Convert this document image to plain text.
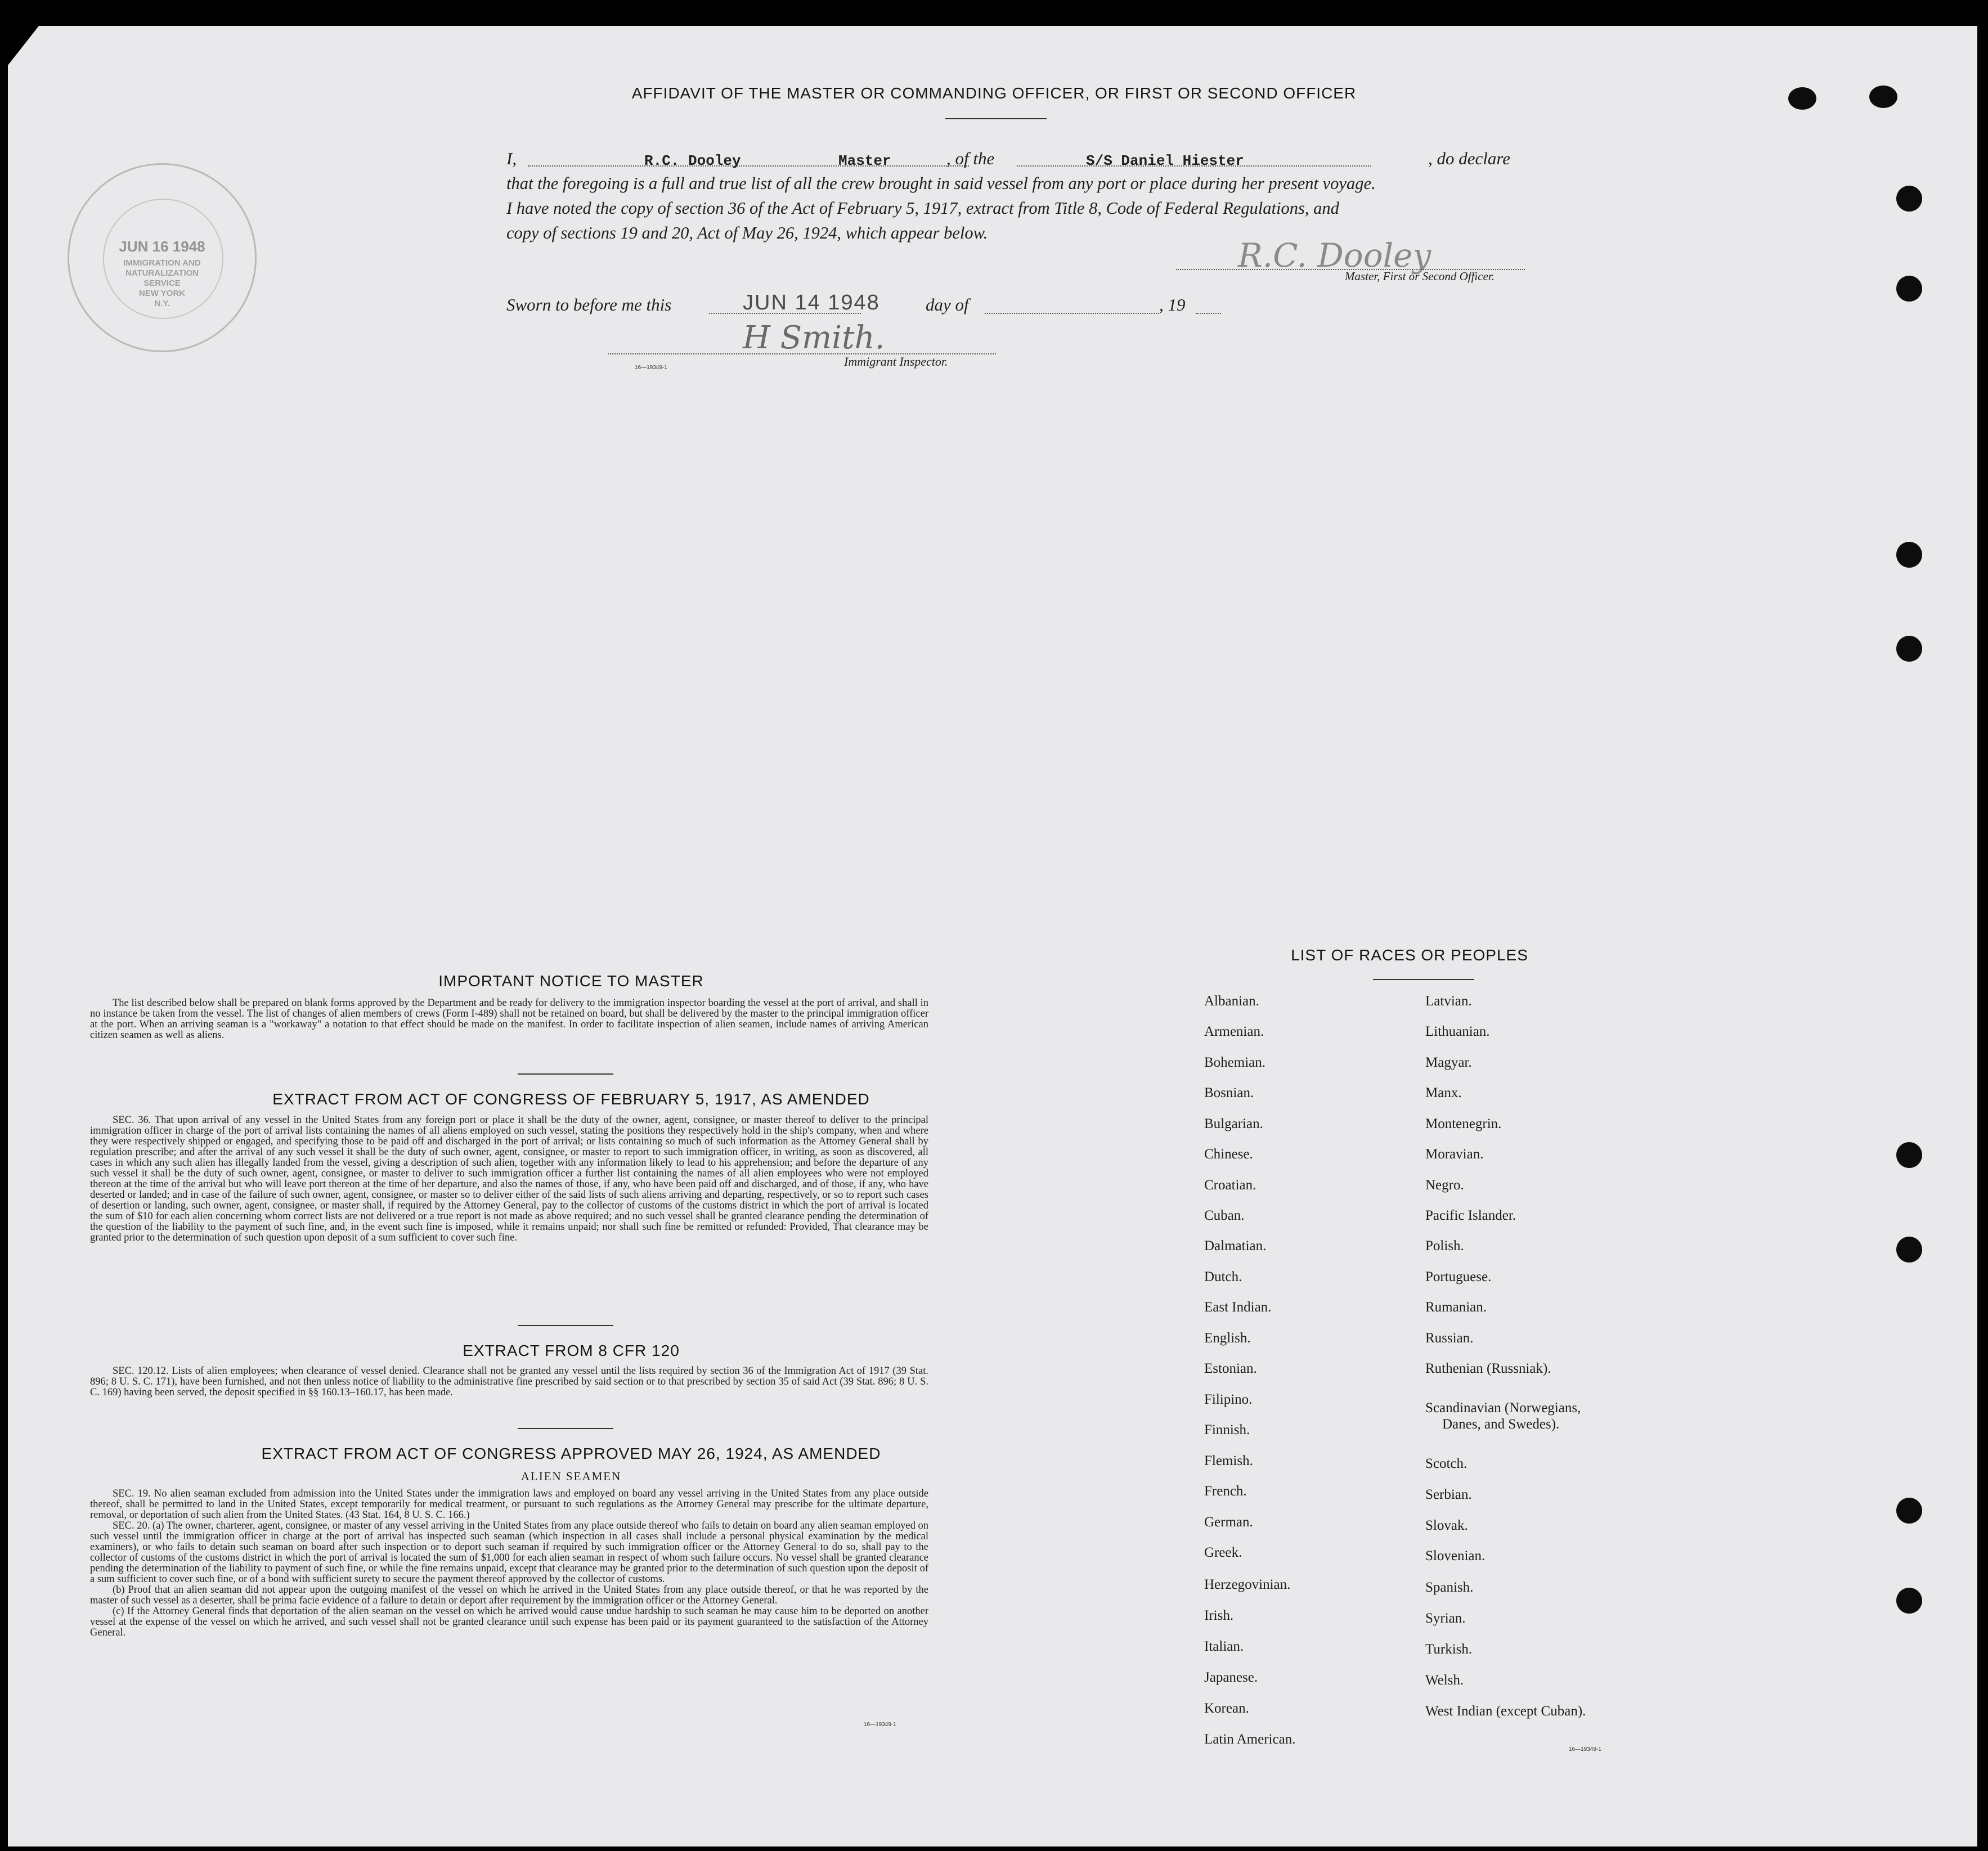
JUN 16 1948
IMMIGRATION AND
NATURALIZATION
SERVICE
NEW YORK
N.Y.
AFFIDAVIT OF THE MASTER OR COMMANDING OFFICER, OR FIRST OR SECOND OFFICER
I,	R.C. Dooley	Master	, of the	S/S Daniel Hiester	, do declare
that the foregoing is a full and true list of all the crew brought in said vessel from any port or place during her present voyage.
I have noted the copy of section 36 of the Act of February 5, 1917, extract from Title 8, Code of Federal Regulations, and
copy of sections 19 and 20, Act of May 26, 1924, which appear below.
R.C. Dooley
Master, First or Second Officer.
Sworn to before me this	JUN 14 1948	day of	, 19
H Smith.
Immigrant Inspector.
16—19349-1
IMPORTANT NOTICE TO MASTER

The list described below shall be prepared on blank forms approved by the Department and be ready for delivery to the immigration inspector boarding the vessel at the port of arrival, and shall in no instance be taken from the vessel. The list of changes of alien members of crews (Form I-489) shall not be retained on board, but shall be delivered by the master to the principal immigration officer at the port. When an arriving seaman is a "workaway" a notation to that effect should be made on the manifest. In order to facilitate inspection of alien seamen, include names of arriving American citizen seamen as well as aliens.

EXTRACT FROM ACT OF CONGRESS OF FEBRUARY 5, 1917, AS AMENDED

SEC. 36. That upon arrival of any vessel in the United States from any foreign port or place it shall be the duty of the owner, agent, consignee, or master thereof to deliver to the principal immigration officer in charge of the port of arrival lists containing the names of all aliens employed on such vessel, stating the positions they respectively hold in the ship's company, when and where they were respectively shipped or engaged, and specifying those to be paid off and discharged in the port of arrival; or lists containing so much of such information as the Attorney General shall by regulation prescribe; and after the arrival of any such vessel it shall be the duty of such owner, agent, consignee, or master to report to such immigration officer, in writing, as soon as discovered, all cases in which any such alien has illegally landed from the vessel, giving a description of such alien, together with any information likely to lead to his apprehension; and before the departure of any such vessel it shall be the duty of such owner, agent, consignee, or master to deliver to such immigration officer a further list containing the names of all alien employees who were not employed thereon at the time of the arrival but who will leave port thereon at the time of her departure, and also the names of those, if any, who have been paid off and discharged, and of those, if any, who have deserted or landed; and in case of the failure of such owner, agent, consignee, or master so to deliver either of the said lists of such aliens arriving and departing, respectively, or so to report such cases of desertion or landing, such owner, agent, consignee, or master shall, if required by the Attorney General, pay to the collector of customs of the customs district in which the port of arrival is located the sum of $10 for each alien concerning whom correct lists are not delivered or a true report is not made as above required; and no such vessel shall be granted clearance pending the determination of the question of the liability to the payment of such fine, and, in the event such fine is imposed, while it remains unpaid; nor shall such fine be remitted or refunded: Provided, That clearance may be granted prior to the determination of such question upon deposit of a sum sufficient to cover such fine.

EXTRACT FROM 8 CFR 120

SEC. 120.12. Lists of alien employees; when clearance of vessel denied. Clearance shall not be granted any vessel until the lists required by section 36 of the Immigration Act of 1917 (39 Stat. 896; 8 U. S. C. 171), have been furnished, and not then unless notice of liability to the administrative fine prescribed by said section or to that prescribed by section 35 of said Act (39 Stat. 896; 8 U. S. C. 169) having been served, the deposit specified in §§ 160.13–160.17, has been made.

EXTRACT FROM ACT OF CONGRESS APPROVED MAY 26, 1924, AS AMENDED
ALIEN SEAMEN

SEC. 19. No alien seaman excluded from admission into the United States under the immigration laws and employed on board any vessel arriving in the United States from any place outside thereof, shall be permitted to land in the United States, except temporarily for medical treatment, or pursuant to such regulations as the Attorney General may prescribe for the ultimate departure, removal, or deportation of such alien from the United States. (43 Stat. 164, 8 U. S. C. 166.)

SEC. 20. (a) The owner, charterer, agent, consignee, or master of any vessel arriving in the United States from any place outside thereof who fails to detain on board any alien seaman employed on such vessel until the immigration officer in charge at the port of arrival has inspected such seaman (which inspection in all cases shall include a personal physical examination by the medical examiners), or who fails to detain such seaman on board after such inspection or to deport such seaman if required by such immigration officer or the Attorney General to do so, shall pay to the collector of customs of the customs district in which the port of arrival is located the sum of $1,000 for each alien seaman in respect of whom such failure occurs. No vessel shall be granted clearance pending the determination of the liability to payment of such fine, or while the fine remains unpaid, except that clearance may be granted prior to the determination of such question upon the deposit of a sum sufficient to cover such fine, or of a bond with sufficient surety to secure the payment thereof approved by the collector of customs.

(b) Proof that an alien seaman did not appear upon the outgoing manifest of the vessel on which he arrived in the United States from any place outside thereof, or that he was reported by the master of such vessel as a deserter, shall be prima facie evidence of a failure to detain or deport after requirement by the immigration officer or the Attorney General.

(c) If the Attorney General finds that deportation of the alien seaman on the vessel on which he arrived would cause undue hardship to such seaman he may cause him to be deported on another vessel at the expense of the vessel on which he arrived, and such vessel shall not be granted clearance until such expense has been paid or its payment guaranteed to the satisfaction of the Attorney General.

16—19349-1
LIST OF RACES OR PEOPLES
Albanian.
Armenian.
Bohemian.
Bosnian.
Bulgarian.
Chinese.
Croatian.
Cuban.
Dalmatian.
Dutch.
East Indian.
English.
Estonian.
Filipino.
Finnish.
Flemish.
French.
German.
Greek.
Herzegovinian.
Irish.
Italian.
Japanese.
Korean.
Latin American.
Latvian.
Lithuanian.
Magyar.
Manx.
Montenegrin.
Moravian.
Negro.
Pacific Islander.
Polish.
Portuguese.
Rumanian.
Russian.
Ruthenian (Russniak).
Scandinavian (Norwegians,
Danes, and Swedes).
Scotch.
Serbian.
Slovak.
Slovenian.
Spanish.
Syrian.
Turkish.
Welsh.
West Indian (except Cuban).
16—19349-1
